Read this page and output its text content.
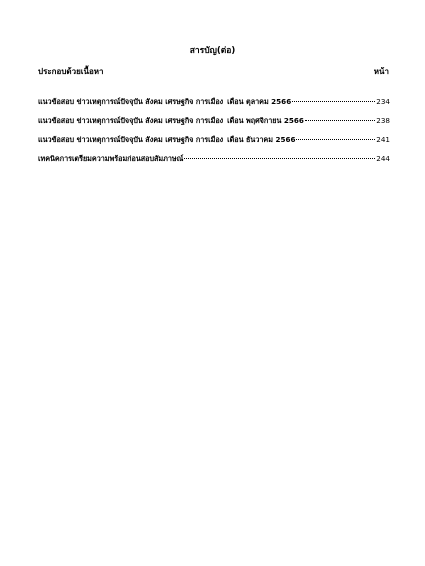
สารบัญ(ต่อ)
ประกอบด้วยเนื้อหา	หน้า
แนวข้อสอบ ข่าวเหตุการณ์ปัจจุบัน สังคม เศรษฐกิจ การเมือง เดือน ตุลาคม 2566	234
แนวข้อสอบ ข่าวเหตุการณ์ปัจจุบัน สังคม เศรษฐกิจ การเมือง เดือน พฤศจิกายน 2566	238
แนวข้อสอบ ข่าวเหตุการณ์ปัจจุบัน สังคม เศรษฐกิจ การเมือง เดือน ธันวาคม 2566	241
เทคนิคการเตรียมความพร้อมก่อนสอบสัมภาษณ์	244
